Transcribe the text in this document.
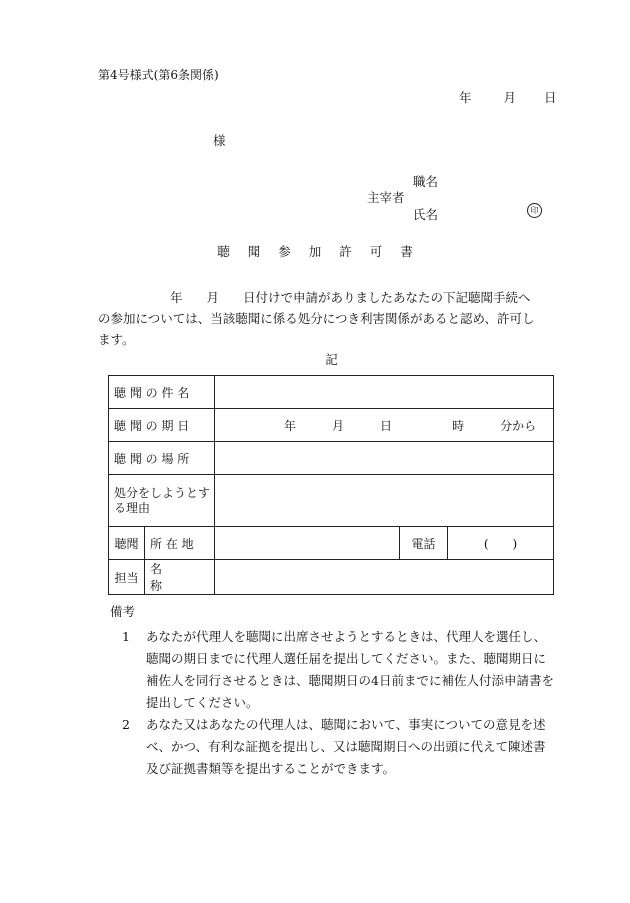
第4号様式(第6条関係)
年	月 日
様
職名
主宰者
氏名	印
聴 聞 参 加 許 可 書
年 月 日付けで申請がありましたあなたの下記聴聞手続への参加については、当該聴聞に係る処分につき利害関係があると認め、許可します。
記
聴 聞 の 件 名				
聴 聞 の 期 日		年 月 日 時 分から		
聴 聞 の 場 所				
処分をしようとする理由				
聴聞	所 在 地		電話	(　　)
担当	名　　　称			
備考
1	あなたが代理人を聴聞に出席させようとするときは、代理人を選任し、聴聞の期日までに代理人選任届を提出してください。また、聴聞期日に補佐人を同行させるときは、聴聞期日の4日前までに補佐人付添申請書を提出してください。
2	あなた又はあなたの代理人は、聴聞において、事実についての意見を述べ、かつ、有利な証拠を提出し、又は聴聞期日への出頭に代えて陳述書及び証拠書類等を提出することができます。
